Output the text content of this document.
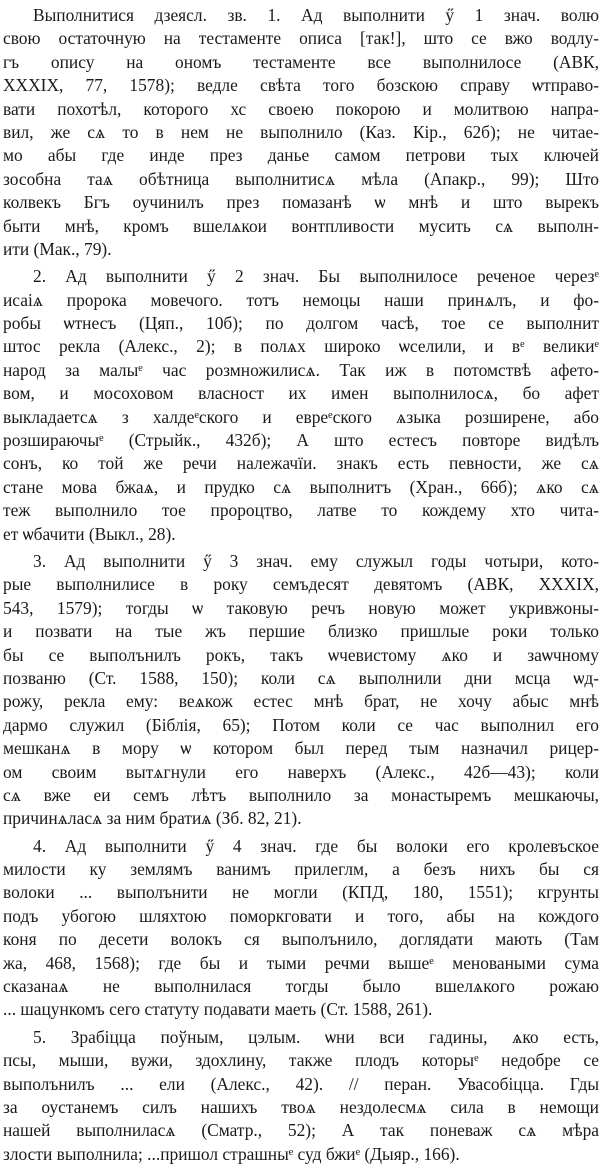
Выполнитися дзеясл. зв. 1. Ад выполнити ӳ 1 знач. волю
свою остаточную на тестаменте описа [так!], што се вжо водлу-
гъ опису на ономъ тестаменте все выполнилосе (АВК,
XXXIX, 77, 1578); ведле свѣта того бозскою справу ѡтправо-
вати похотѣл, которого хс своею покорою и молитвою напра-
вил, же сѧ то в нем не выполнило (Каз. Кір., 62б); не читае-
мо абы где инде през данье самом петрови тых ключей
зособна таѧ обѣтница выполнитисѧ мѣла (Апакр., 99); Што
колвекъ Бгъ оучинилъ през помазанѣ ѡ мнѣ и што вырекъ
быти мнѣ, кромъ вшелѧкои вонтпливости мусить сѧ выполн-
ити (Мак., 79).
2. Ад выполнити ӳ 2 знач. Бы выполнилосе реченое черезᵉ
исаіѧ пророка мовечого. тотъ немоцы наши принѧлъ, и фо-
робы ѡтнесъ (Цяп., 10б); по долгом часѣ, тое се выполнит
штос рекла (Алекс., 2); в полѧх широко ѡселили, и вᵉ великиᵉ
народ за малыᵉ час розмножилисѧ. Так иж в потомствѣ афето-
вом, и мосоховом власност их имен выполнилосѧ, бо афет
выкладаетсѧ з халдеᵉского и евреᵉского ѧзыка розширене, або
розшираючыᵉ (Стрыйк., 432б); А што естесъ повторе видѣлъ
сонъ, ко той же речи належачїи. знакъ есть певности, же сѧ
стане мова бжаѧ, и прудко сѧ выполнитъ (Хран., 66б); ѧко сѧ
теж выполнило тое пророцтво, латве то кождему хто чита-
ет ѡбачити (Выкл., 28).
3. Ад выполнити ӳ 3 знач. ему служыл годы чотыри, кото-
рые выполнилисе в року семъдесят девятомъ (АВК, XXXIX,
543, 1579); тогды ѡ таковую речъ новую может укривжоны-
и позвати на тые жъ першие близко пришлые роки только
бы се выполънилъ рокъ, такъ ѡчевистому ѧко и заѡчному
позваню (Ст. 1588, 150); коли сѧ выполнили дни мсца ѡд-
рожу, рекла ему: веѧкож естес мнѣ брат, не хочу абыс мнѣ
дармо служил (Біблія, 65); Потом коли се час выполнил его
мешканѧ в мору ѡ котором был перед тым назначил рицер-
ом своим вытѧгнули его наверхъ (Алекс., 42б—43); коли
сѧ вже еи семъ лѣтъ выполнило за монастыремъ мешкаючы,
причинѧласѧ за ним братиѧ (Зб. 82, 21).
4. Ад выполнити ӳ 4 знач. где бы волоки его кролевъское
милости ку землямъ ванимъ прилеглм, а безъ нихъ бы ся
волоки ... выполънити не могли (КПД, 180, 1551); кгрунты
подъ убогою шляхтою поморкговати и того, абы на кождого
коня по десети волокъ ся выполънило, доглядати мають (Там
жа, 468, 1568); где бы и тыми речми вышеᵉ меноваными сума
сказанаѧ не выполнилася тогды было вшелѧкого рожаю
... шацункомъ сего статуту подавати маеть (Ст. 1588, 261).
5. Зрабіцца поўным, цэлым. ѡни вси гадины, ѧко есть,
псы, мыши, вужи, здохлину, также плодъ которыᵉ недобре се
выполънилъ ... ели (Алекс., 42). // перан. Увасобіцца. Гды
за оустанемъ силъ нашихъ твоѧ нездолесмѧ сила в немощи
нашей выполниласѧ (Сматр., 52); А так поневаж сѧ мѣра
злости выполнила; ...пришол страшныᵉ суд бжиᵉ (Дыяр., 166).
